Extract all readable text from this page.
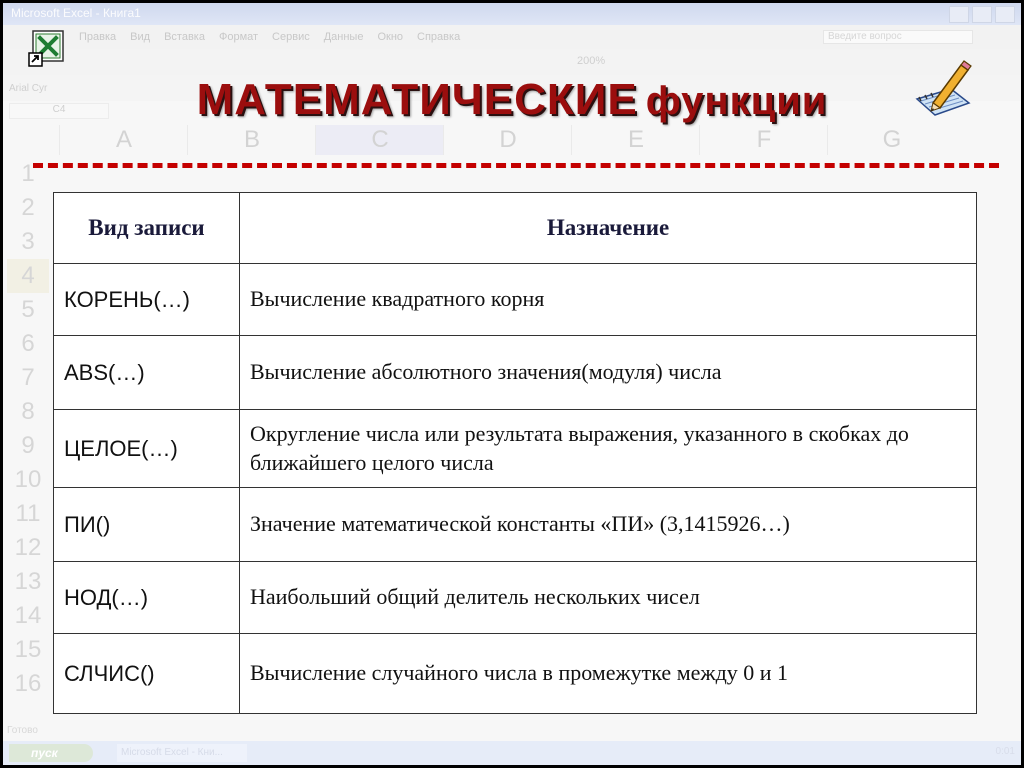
Microsoft Excel - Книга1
Правка Вид Вставка Формат Сервис Данные Окно Справка	Введите вопрос
200%
Arial Cyr
C4
A	B	C	D	E	F	G
1
2
3
4
5
6
7
8
9
10
11
12
13
14
15
16
Готово
пуск	Microsoft Excel - Кни...	0:01
МАТЕМАТИЧЕСКИЕ функции
Вид записи	Назначение
КОРЕНЬ(…)	Вычисление квадратного корня
ABS(…)	Вычисление абсолютного значения(модуля) числа
ЦЕЛОЕ(…)	Округление числа или результата выражения, указанного в скобках до ближайшего целого числа
ПИ()	Значение математической константы «ПИ» (3,1415926…)
НОД(…)	Наибольший общий делитель нескольких чисел
СЛЧИС()	Вычисление случайного числа в промежутке между 0 и 1
